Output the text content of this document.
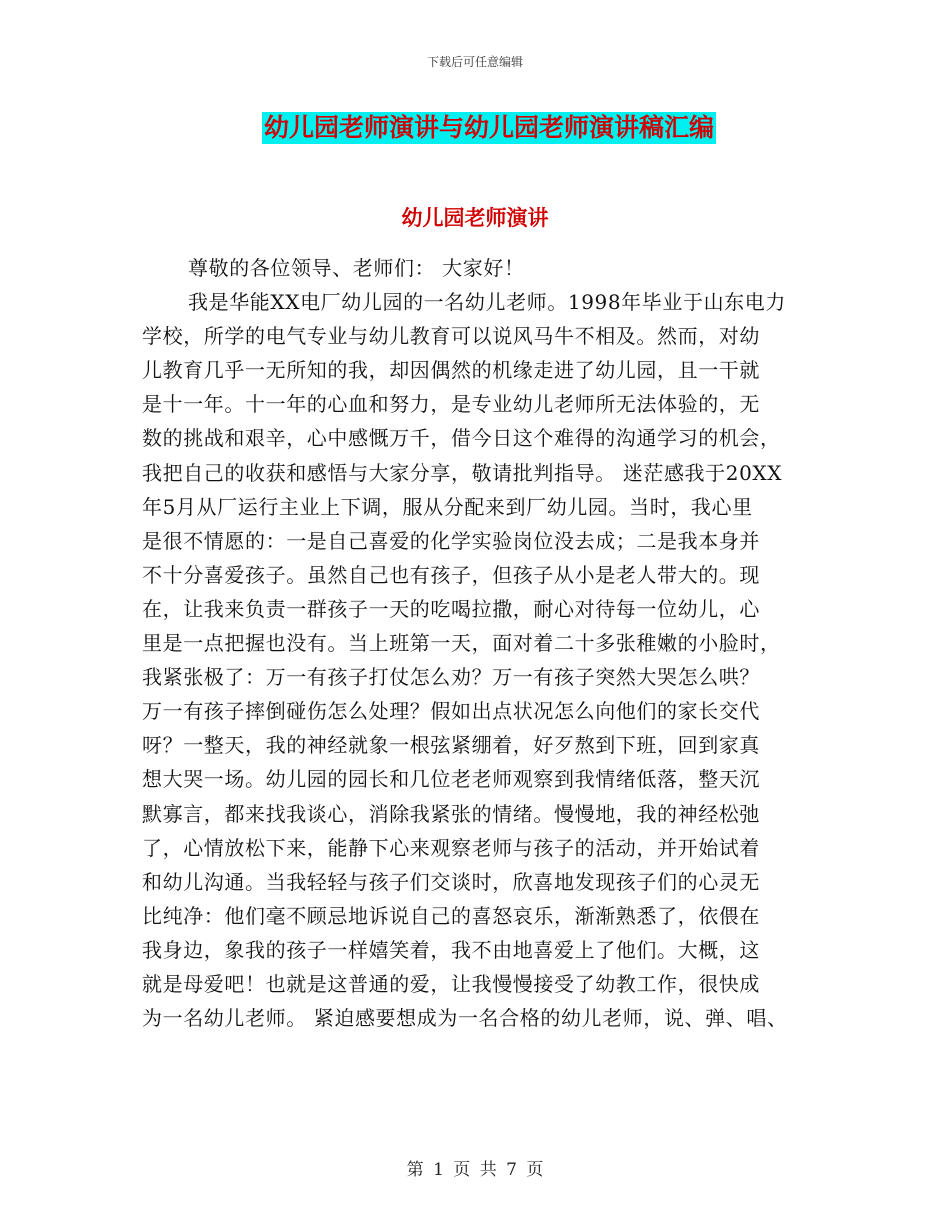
下载后可任意编辑
幼儿园老师演讲与幼儿园老师演讲稿汇编
幼儿园老师演讲
尊敬的各位领导、老师们： 大家好！
我是华能XX电厂幼儿园的一名幼儿老师。1998年毕业于山东电力
学校，所学的电气专业与幼儿教育可以说风马牛不相及。然而，对幼
儿教育几乎一无所知的我，却因偶然的机缘走进了幼儿园，且一干就
是十一年。十一年的心血和努力，是专业幼儿老师所无法体验的，无
数的挑战和艰辛，心中感慨万千，借今日这个难得的沟通学习的机会，
我把自己的收获和感悟与大家分享，敬请批判指导。 迷茫感我于20XX
年5月从厂运行主业上下调，服从分配来到厂幼儿园。当时，我心里
是很不情愿的：一是自己喜爱的化学实验岗位没去成；二是我本身并
不十分喜爱孩子。虽然自己也有孩子，但孩子从小是老人带大的。现
在，让我来负责一群孩子一天的吃喝拉撒，耐心对待每一位幼儿，心
里是一点把握也没有。当上班第一天，面对着二十多张稚嫩的小脸时，
我紧张极了：万一有孩子打仗怎么劝？万一有孩子突然大哭怎么哄？
万一有孩子摔倒碰伤怎么处理？假如出点状况怎么向他们的家长交代
呀？一整天，我的神经就象一根弦紧绷着，好歹熬到下班，回到家真
想大哭一场。幼儿园的园长和几位老老师观察到我情绪低落，整天沉
默寡言，都来找我谈心，消除我紧张的情绪。慢慢地，我的神经松弛
了，心情放松下来，能静下心来观察老师与孩子的活动，并开始试着
和幼儿沟通。当我轻轻与孩子们交谈时，欣喜地发现孩子们的心灵无
比纯净：他们毫不顾忌地诉说自己的喜怒哀乐，渐渐熟悉了，依偎在
我身边，象我的孩子一样嬉笑着，我不由地喜爱上了他们。大概，这
就是母爱吧！也就是这普通的爱，让我慢慢接受了幼教工作，很快成
为一名幼儿老师。 紧迫感要想成为一名合格的幼儿老师，说、弹、唱、
第 1 页 共 7 页
